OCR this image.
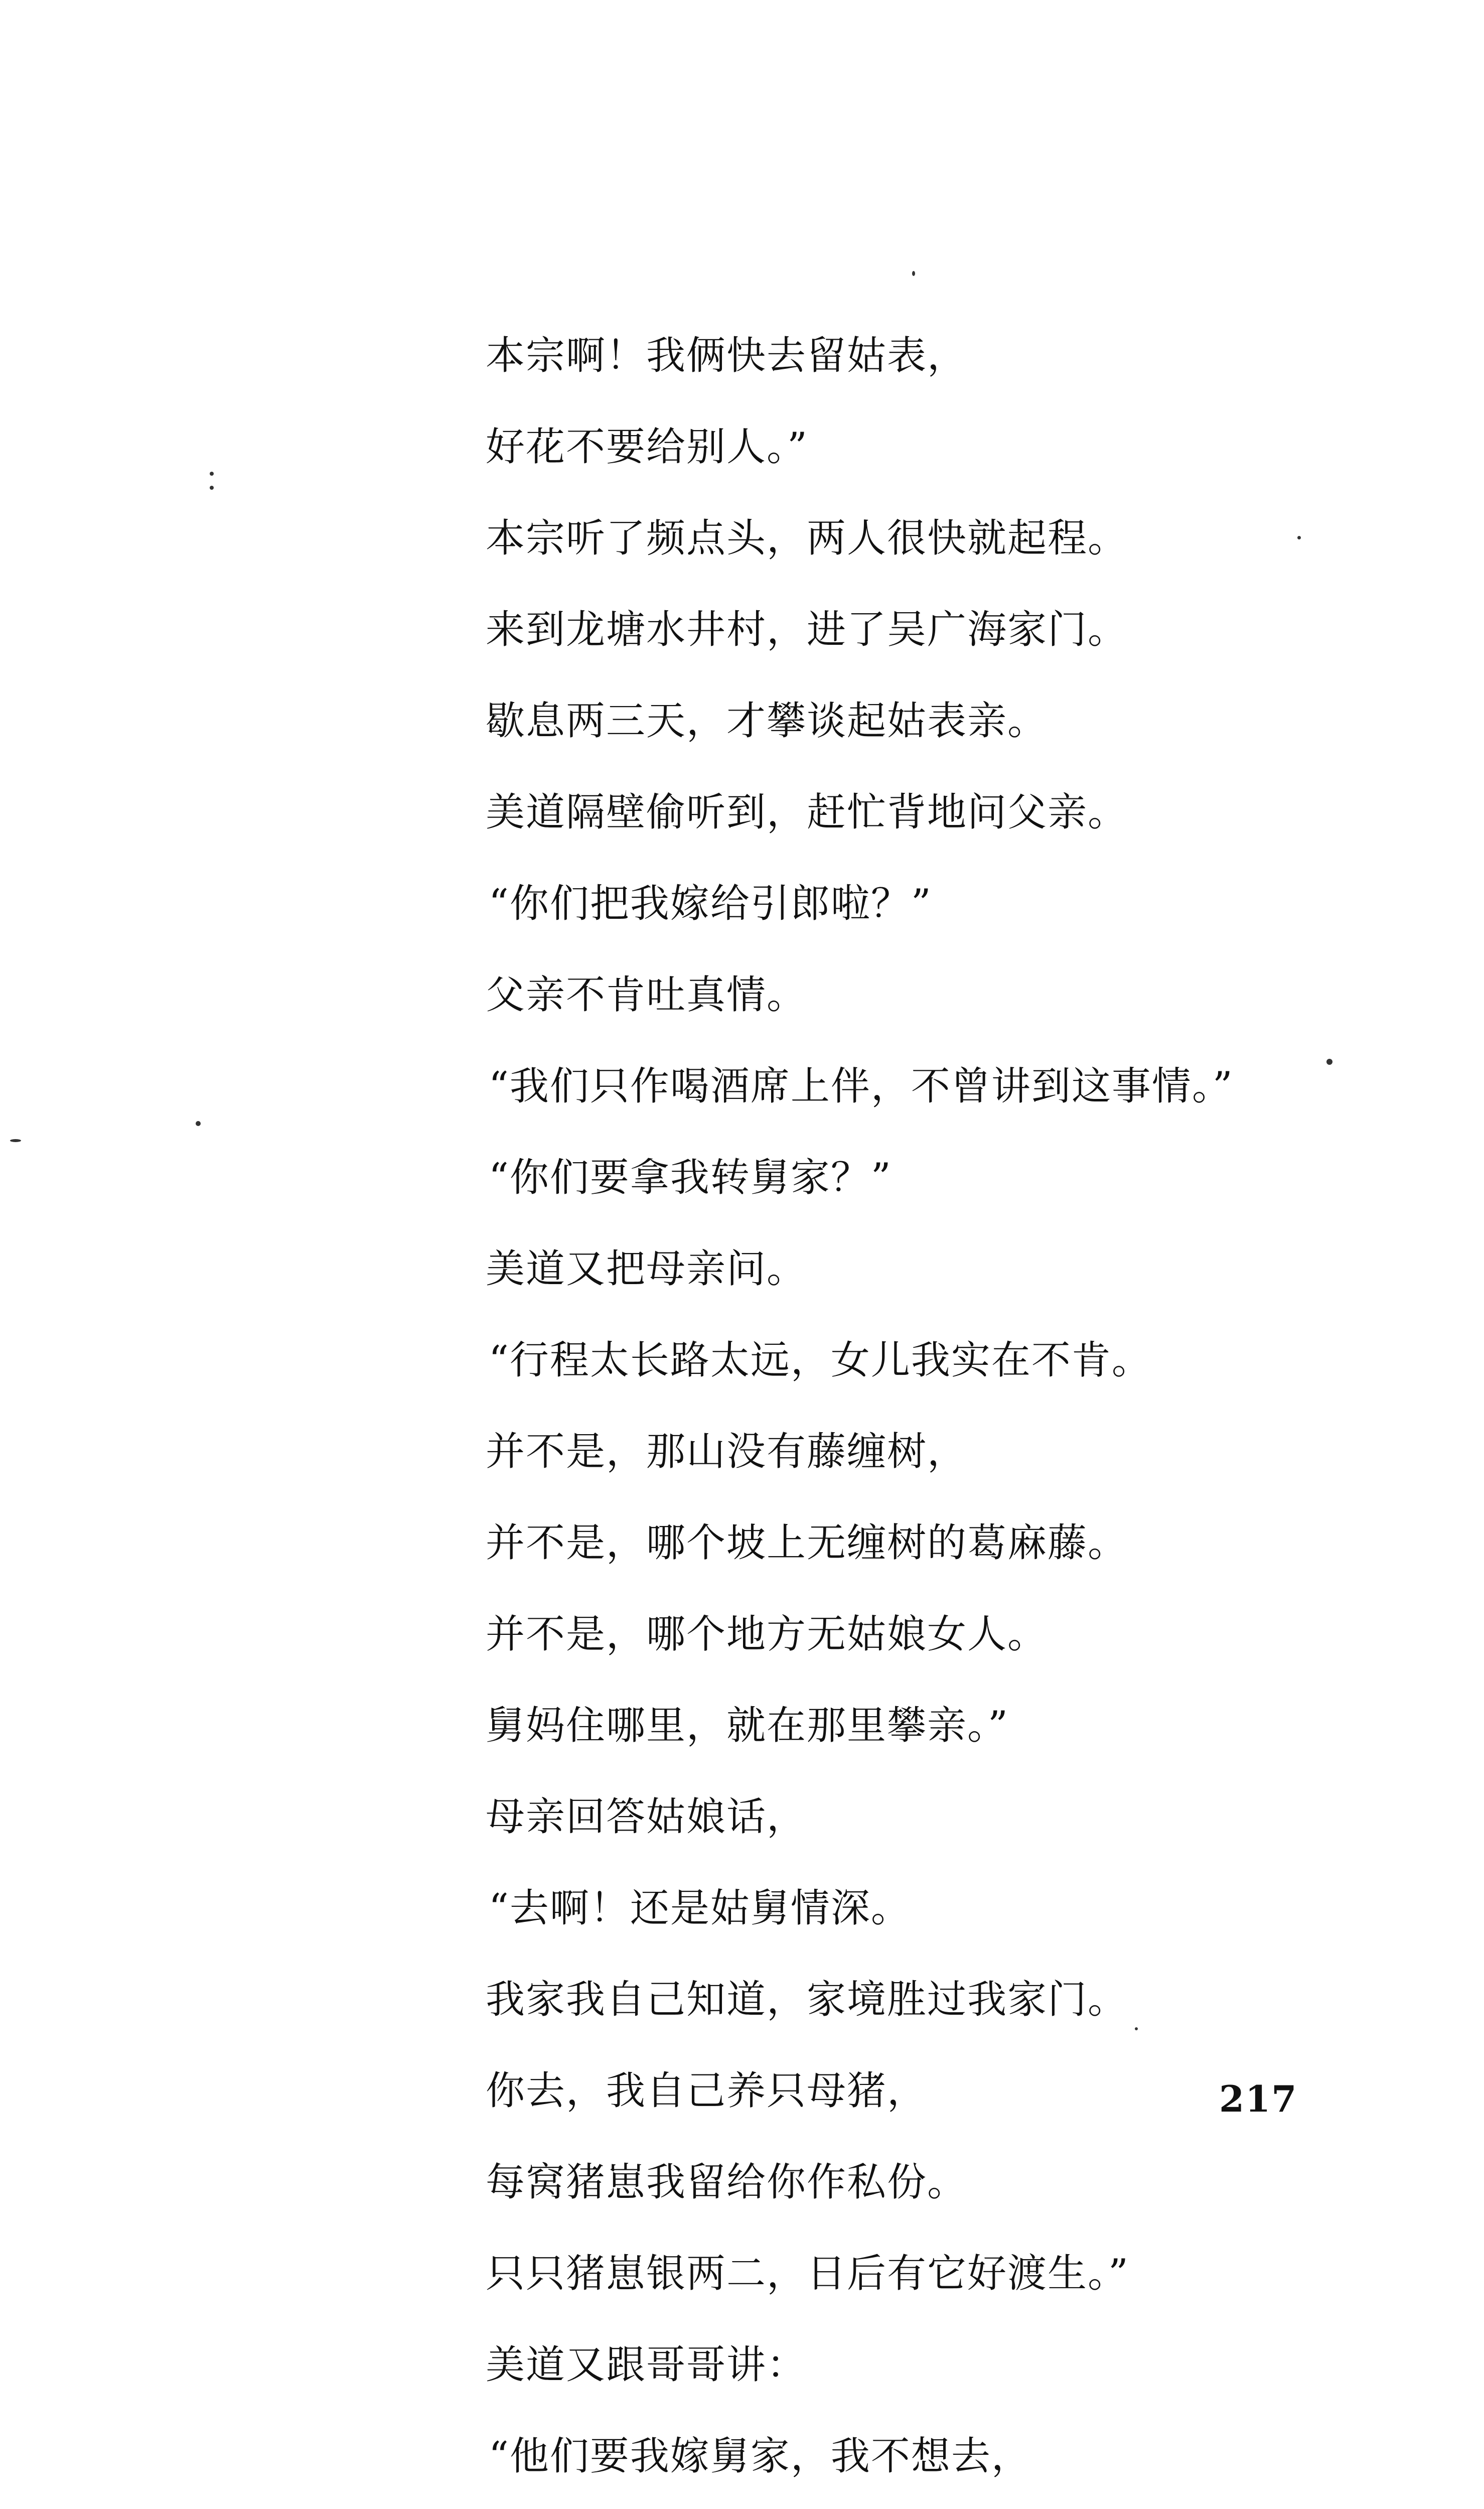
本宗啊！我俩快去留姑表，
好花不要给别人。”
本宗听了频点头，两人很快就起程。
来到龙塘水井村，进了吴广海家门。
歇息两三天，才攀谈起姑表亲。
美道隔壁偷听到，赶忙背地问父亲。
“你们把我嫁给引郎啦？”
父亲不肯吐真情。
“我们只作喝酒席上伴，不曾讲到这事情。”
“你们要拿我转舅家？”
美道又把母亲问。
“行程太长路太远，女儿我实在不肯。
并不是，那山没有藤缠树，
并不是，哪个坡上无缠树的葛麻藤。
并不是，哪个地方无姑娘女人。
舅妈住哪里，就在那里攀亲。”
母亲回答姑娘话，
“去啊！还是姑舅情深。
我家我自己知道，家境胜过我家门。
你去，我自己养只母猪，
每窝猪崽我留给你作私份。
只只猪崽银两二，日后有它好渡生。”
美道又跟哥哥讲：
“他们要我嫁舅家，我不想去，
217
